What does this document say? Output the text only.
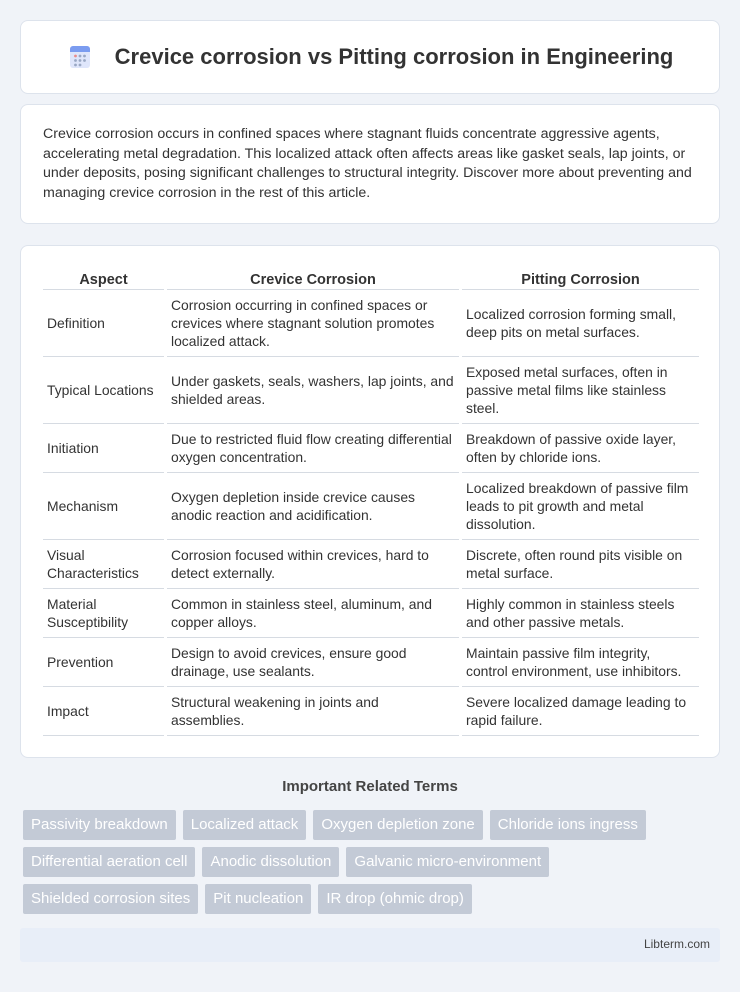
Crevice corrosion vs Pitting corrosion in Engineering

Crevice corrosion occurs in confined spaces where stagnant fluids concentrate aggressive agents, accelerating metal degradation. This localized attack often affects areas like gasket seals, lap joints, or under deposits, posing significant challenges to structural integrity. Discover more about preventing and managing crevice corrosion in the rest of this article.

Aspect	Crevice Corrosion	Pitting Corrosion
Definition	Corrosion occurring in confined spaces or crevices where stagnant solution promotes localized attack.	Localized corrosion forming small, deep pits on metal surfaces.
Typical Locations	Under gaskets, seals, washers, lap joints, and shielded areas.	Exposed metal surfaces, often in passive metal films like stainless steel.
Initiation	Due to restricted fluid flow creating differential oxygen concentration.	Breakdown of passive oxide layer, often by chloride ions.
Mechanism	Oxygen depletion inside crevice causes anodic reaction and acidification.	Localized breakdown of passive film leads to pit growth and metal dissolution.
Visual Characteristics	Corrosion focused within crevices, hard to detect externally.	Discrete, often round pits visible on metal surface.
Material Susceptibility	Common in stainless steel, aluminum, and copper alloys.	Highly common in stainless steels and other passive metals.
Prevention	Design to avoid crevices, ensure good drainage, use sealants.	Maintain passive film integrity, control environment, use inhibitors.
Impact	Structural weakening in joints and assemblies.	Severe localized damage leading to rapid failure.
Important Related Terms
Passivity breakdown	Localized attack	Oxygen depletion zone	Chloride ions ingress
Differential aeration cell	Anodic dissolution	Galvanic micro-environment
Shielded corrosion sites	Pit nucleation	IR drop (ohmic drop)
Libterm.com
